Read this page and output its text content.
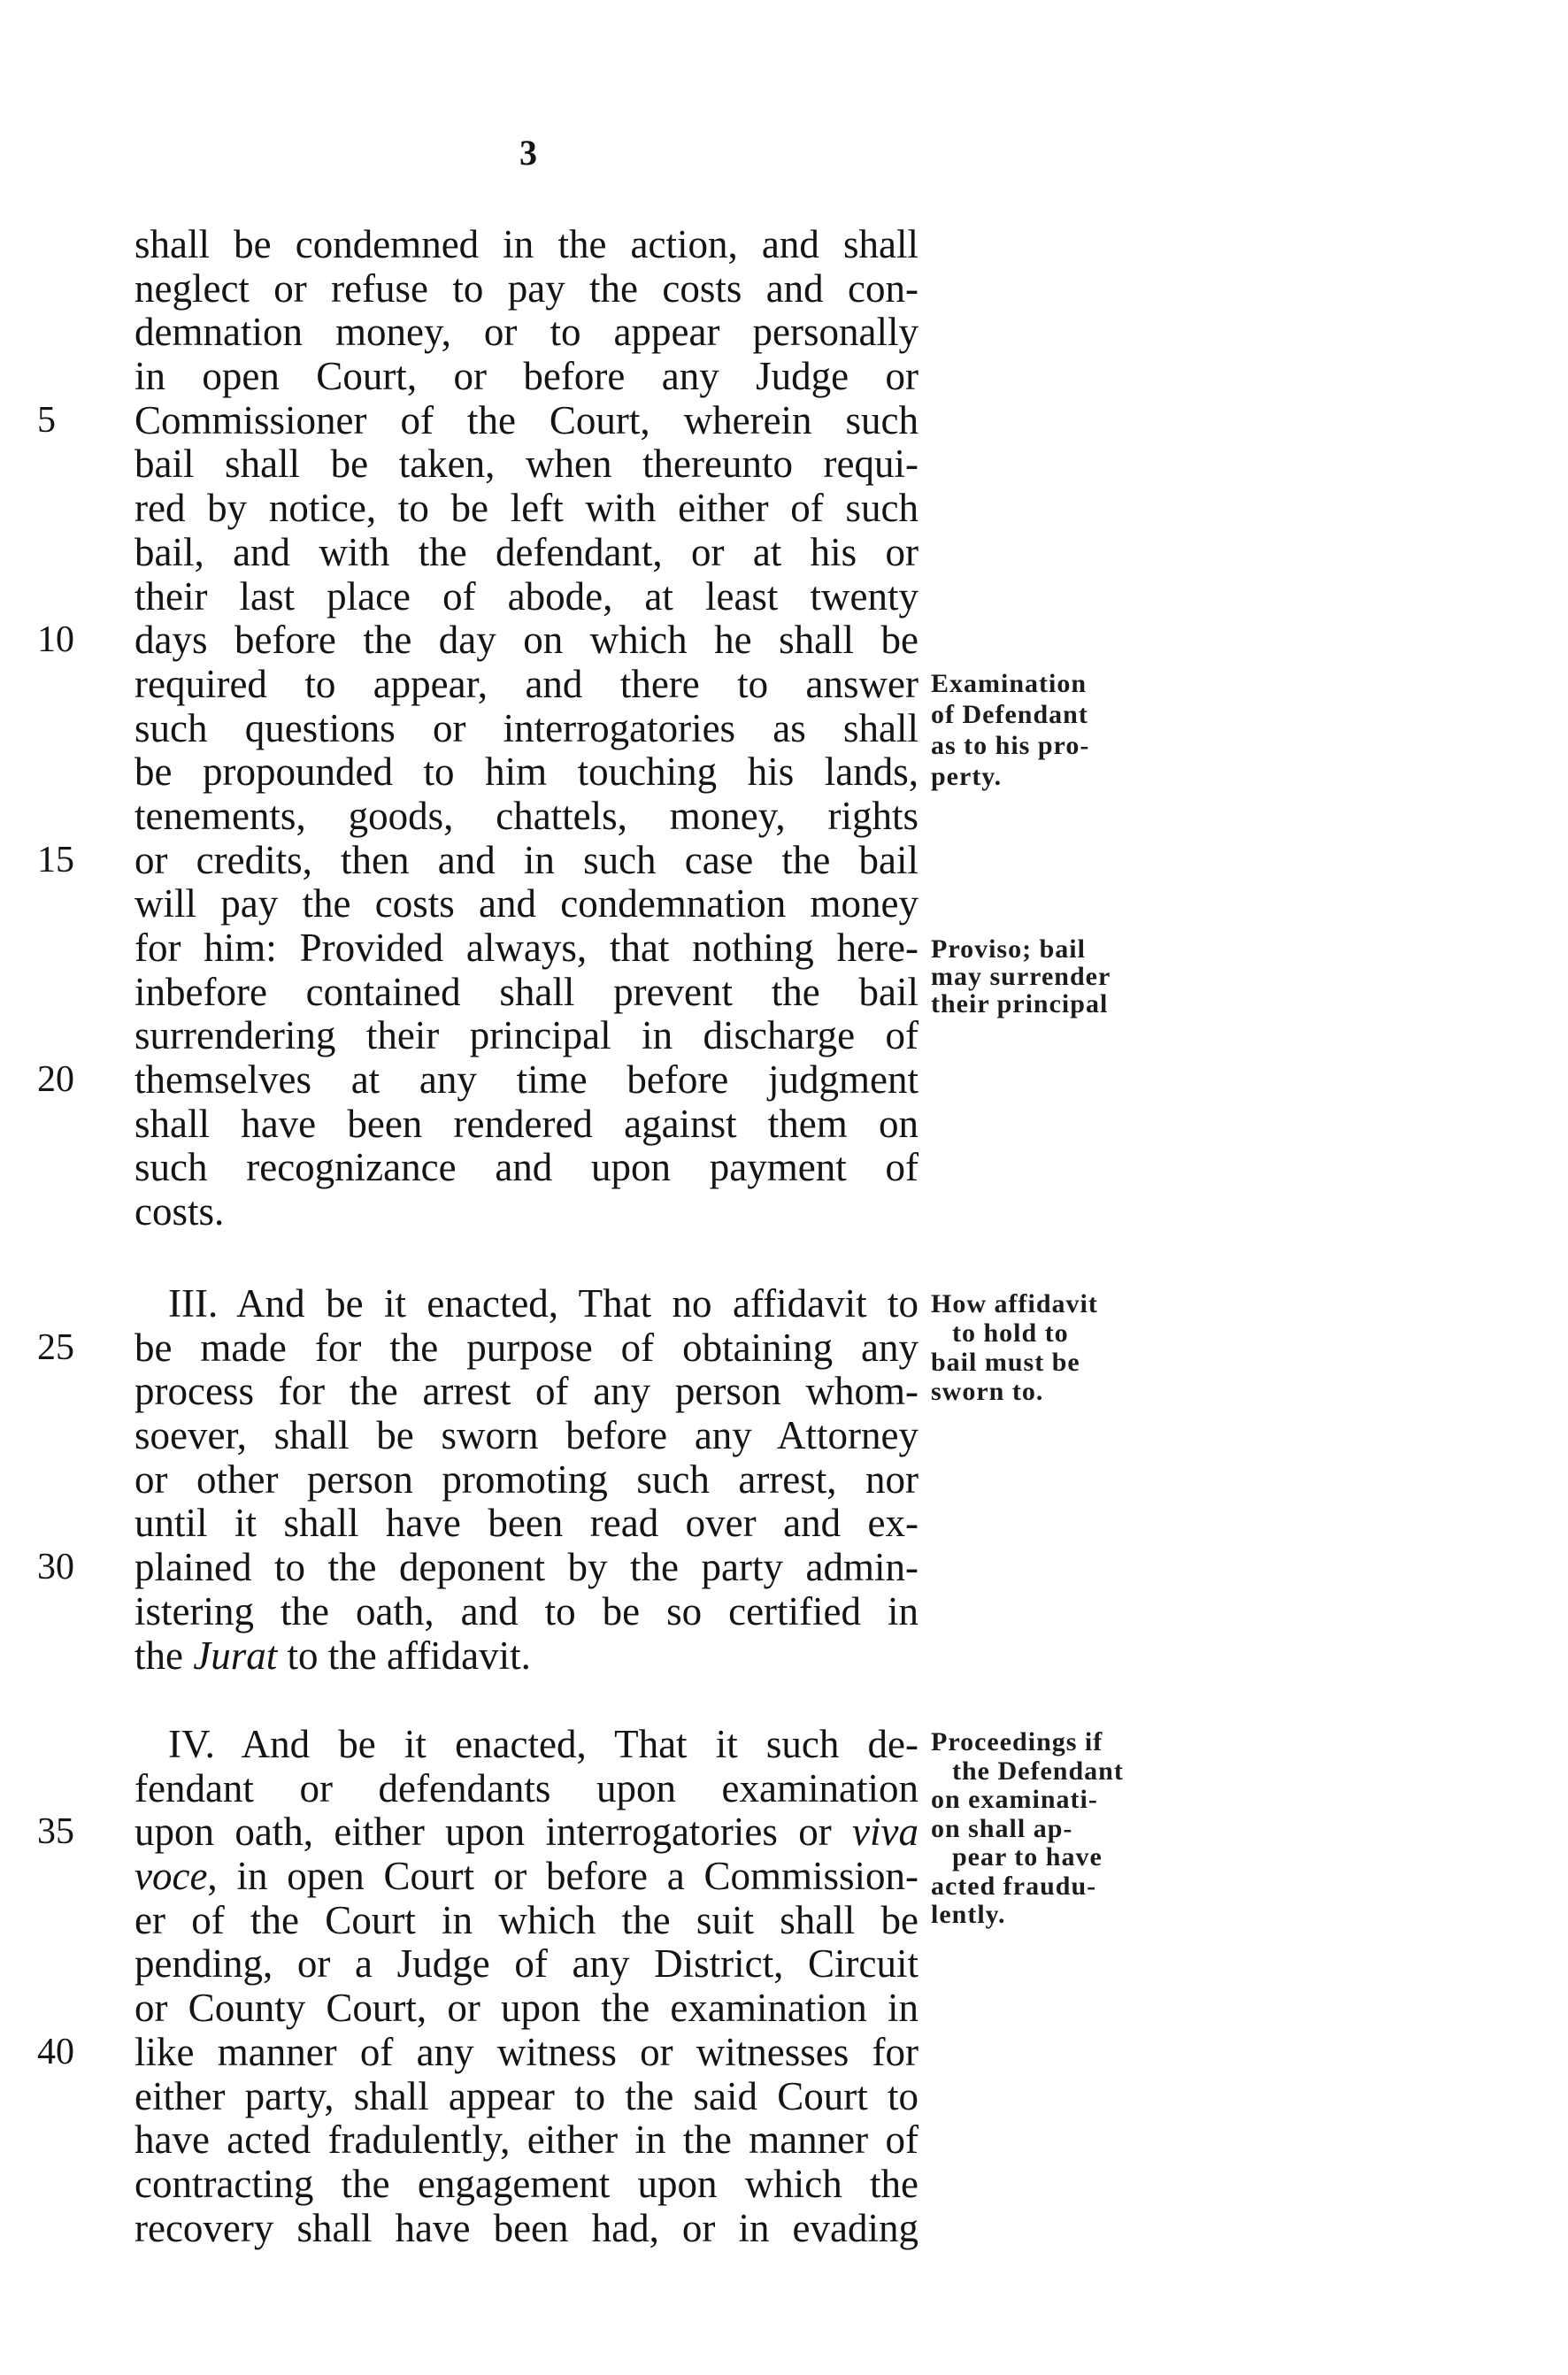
3
shall be condemned in the action, and shall
neglect or refuse to pay the costs and con-
demnation money, or to appear personally
in open Court, or before any Judge or
5	Commissioner of the Court, wherein such
bail shall be taken, when thereunto requi-
red by notice, to be left with either of such
bail, and with the defendant, or at his or
their last place of abode, at least twenty
10	days before the day on which he shall be
required to appear, and there to answer
such questions or interrogatories as shall
be propounded to him touching his lands,
tenements, goods, chattels, money, rights
15	or credits, then and in such case the bail
will pay the costs and condemnation money
for him: Provided always, that nothing here-
inbefore contained shall prevent the bail
surrendering their principal in discharge of
20	themselves at any time before judgment
shall have been rendered against them on
such recognizance and upon payment of
costs.
III. And be it enacted, That no affidavit to
25	be made for the purpose of obtaining any
process for the arrest of any person whom-
soever, shall be sworn before any Attorney
or other person promoting such arrest, nor
until it shall have been read over and ex-
30	plained to the deponent by the party admin-
istering the oath, and to be so certified in
the Jurat to the affidavit.
IV. And be it enacted, That it such de-
fendant or defendants upon examination
35	upon oath, either upon interrogatories or viva
voce, in open Court or before a Commission-
er of the Court in which the suit shall be
pending, or a Judge of any District, Circuit
or County Court, or upon the examination in
40	like manner of any witness or witnesses for
either party, shall appear to the said Court to
have acted fradulently, either in the manner of
contracting the engagement upon which the
recovery shall have been had, or in evading
Examination
of Defendant
as to his pro-
perty.
Proviso; bail
may surrender
their principal
How affidavit
to hold to
bail must be
sworn to.
Proceedings if
the Defendant
on examinati-
on shall ap-
pear to have
acted fraudu-
lently.
